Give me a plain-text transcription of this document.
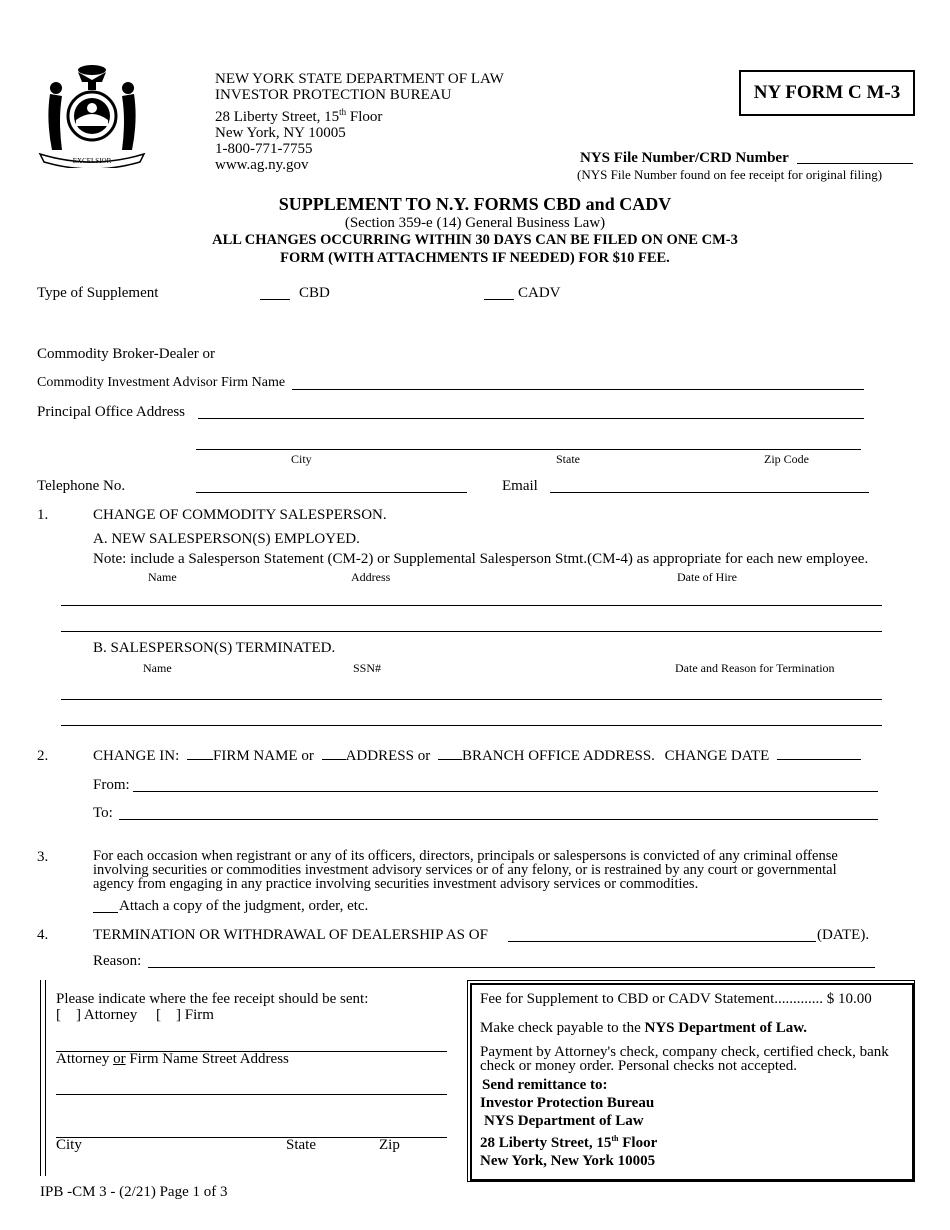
EXCELSIOR
NEW YORK STATE DEPARTMENT OF LAW
INVESTOR PROTECTION BUREAU
28 Liberty Street, 15th Floor
New York, NY 10005
1-800-771-7755
www.ag.ny.gov
NY FORM C M-3
NYS File Number/CRD Number
(NYS File Number found on fee receipt for original filing)
SUPPLEMENT TO N.Y. FORMS CBD and CADV
(Section 359-e (14) General Business Law)
ALL CHANGES OCCURRING WITHIN 30 DAYS CAN BE FILED ON ONE CM-3
FORM (WITH ATTACHMENTS IF NEEDED) FOR $10 FEE.
Type of Supplement	CBD	CADV
Commodity Broker-Dealer or
Commodity Investment Advisor Firm Name
Principal Office Address
City	State	Zip Code
Telephone No.	Email
1.	CHANGE OF COMMODITY SALESPERSON.
A. NEW SALESPERSON(S) EMPLOYED.
Note: include a Salesperson Statement (CM-2) or Supplemental Salesperson Stmt.(CM-4) as appropriate for each new employee.
Name	Address	Date of Hire
B. SALESPERSON(S) TERMINATED.
Name	SSN#	Date and Reason for Termination
2.	CHANGE IN: FIRM NAME or ADDRESS or BRANCH OFFICE ADDRESS. CHANGE DATE
From:
To:
3.	For each occasion when registrant or any of its officers, directors, principals or salespersons is convicted of any criminal offense
involving securities or commodities investment advisory services or of any felony, or is restrained by any court or governmental
agency from engaging in any practice involving securities investment advisory services or commodities.
Attach a copy of the judgment, order, etc.
4.	TERMINATION OR WITHDRAWAL OF DEALERSHIP AS OF	(DATE).
Reason:
Please indicate where the fee receipt should be sent:
[    ] Attorney     [    ] Firm
Attorney or Firm Name Street Address
City	State	Zip
Fee for Supplement to CBD or CADV Statement............. $ 10.00
Make check payable to the NYS Department of Law.
Payment by Attorney's check, company check, certified check, bank
check or money order. Personal checks not accepted.
Send remittance to:
Investor Protection Bureau
NYS Department of Law
28 Liberty Street, 15th Floor
New York, New York 10005
IPB -CM 3 - (2/21) Page 1 of 3
